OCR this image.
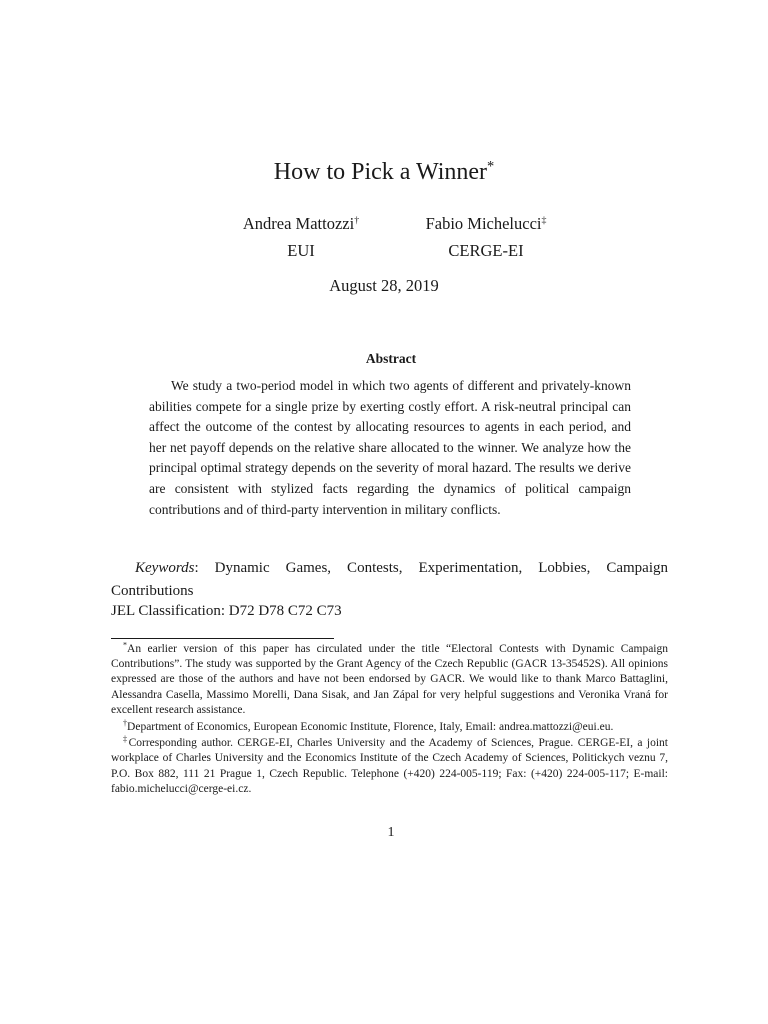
How to Pick a Winner*
Andrea Mattozzi†
EUI
Fabio Michelucci‡
CERGE-EI
August 28, 2019
Abstract
We study a two-period model in which two agents of different and privately-known abilities compete for a single prize by exerting costly effort. A risk-neutral principal can affect the outcome of the contest by allocating resources to agents in each period, and her net payoff depends on the relative share allocated to the winner. We analyze how the principal optimal strategy depends on the severity of moral hazard. The results we derive are consistent with stylized facts regarding the dynamics of political campaign contributions and of third-party intervention in military conflicts.
Keywords: Dynamic Games, Contests, Experimentation, Lobbies, Campaign Contributions
JEL Classification: D72 D78 C72 C73

*An earlier version of this paper has circulated under the title “Electoral Contests with Dynamic Campaign Contributions”. The study was supported by the Grant Agency of the Czech Republic (GACR 13-35452S). All opinions expressed are those of the authors and have not been endorsed by GACR. We would like to thank Marco Battaglini, Alessandra Casella, Massimo Morelli, Dana Sisak, and Jan Zápal for very helpful suggestions and Veronika Vraná for excellent research assistance.

†Department of Economics, European Economic Institute, Florence, Italy, Email: andrea.mattozzi@eui.eu.

‡Corresponding author. CERGE-EI, Charles University and the Academy of Sciences, Prague. CERGE-EI, a joint workplace of Charles University and the Economics Institute of the Czech Academy of Sciences, Politickych veznu 7, P.O. Box 882, 111 21 Prague 1, Czech Republic. Telephone (+420) 224-005-119; Fax: (+420) 224-005-117; E-mail: fabio.michelucci@cerge-ei.cz.

1
